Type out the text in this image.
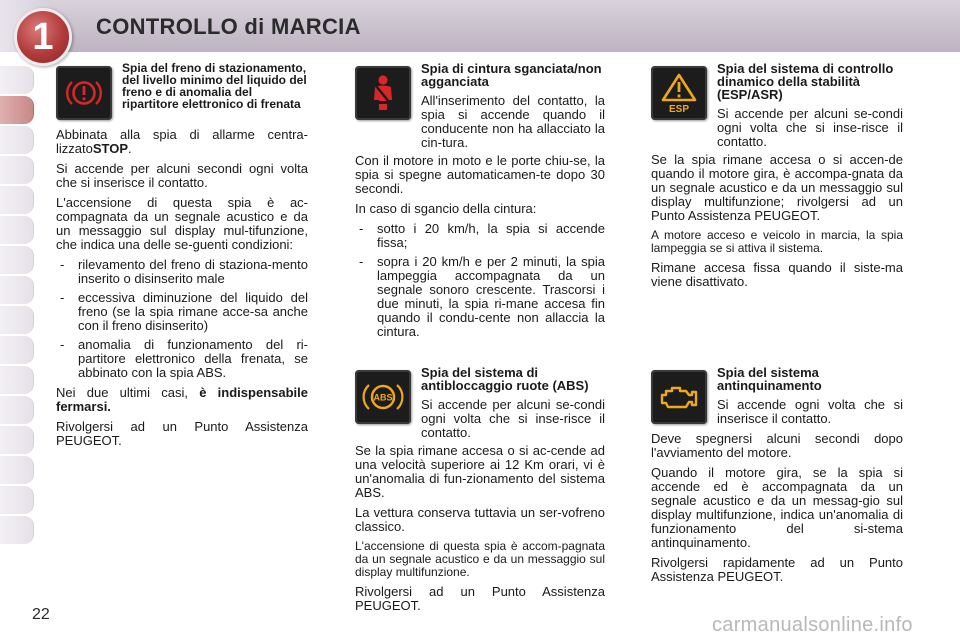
1	CONTROLLO di MARCIA
Spia del freno di stazionamento, del livello minimo del liquido del freno e di anomalia del ripartitore elettronico di frenata

Abbinata alla spia di allarme centra-lizzatoSTOP.

Si accende per alcuni secondi ogni volta che si inserisce il contatto.

L'accensione di questa spia è ac-compagnata da un segnale acustico e da un messaggio sul display mul-tifunzione, che indica una delle se-guenti condizioni:

- rilevamento del freno di staziona-mento inserito o disinserito male
- eccessiva diminuzione del liquido del freno (se la spia rimane acce-sa anche con il freno disinserito)
- anomalia di funzionamento del ri-partitore elettronico della frenata, se abbinato con la spia ABS.

Nei due ultimi casi, è indispensabile fermarsi.

Rivolgersi ad un Punto Assistenza PEUGEOT.

Spia di cintura sganciata/non agganciata
All'inserimento del contatto, la spia si accende quando il conducente non ha allacciato la cin-tura.

Con il motore in moto e le porte chiu-se, la spia si spegne automaticamen-te dopo 30 secondi.

In caso di sgancio della cintura:

- sotto i 20 km/h, la spia si accende fissa;
- sopra i 20 km/h e per 2 minuti, la spia lampeggia accompagnata da un segnale sonoro crescente. Trascorsi i due minuti, la spia ri-mane accesa fin quando il condu-cente non allaccia la cintura.
(ABS)
Spia del sistema di antibloccaggio ruote (ABS)
Si accende per alcuni se-condi ogni volta che si inse-risce il contatto.

Se la spia rimane accesa o si ac-cende ad una velocità superiore ai 12 Km orari, vi è un'anomalia di fun-zionamento del sistema ABS.

La vettura conserva tuttavia un ser-vofreno classico.

L'accensione di questa spia è accom-pagnata da un segnale acustico e da un messaggio sul display multifunzione.

Rivolgersi ad un Punto Assistenza PEUGEOT.

ESP
Spia del sistema di controllo dinamico della stabilità (ESP/ASR)
Si accende per alcuni se-condi ogni volta che si inse-risce il contatto.

Se la spia rimane accesa o si accen-de quando il motore gira, è accompa-gnata da un segnale acustico e da un messaggio sul display multifunzione; rivolgersi ad un Punto Assistenza PEUGEOT.

A motore acceso e veicolo in marcia, la spia lampeggia se si attiva il sistema.

Rimane accesa fissa quando il siste-ma viene disattivato.

Spia del sistema antinquinamento
Si accende ogni volta che si inserisce il contatto.

Deve spegnersi alcuni secondi dopo l'avviamento del motore.

Quando il motore gira, se la spia si accende ed è accompagnata da un segnale acustico e da un messag-gio sul display multifunzione, indica un'anomalia di funzionamento del si-stema antinquinamento.

Rivolgersi rapidamente ad un Punto Assistenza PEUGEOT.

22	carmanualsonline.info
